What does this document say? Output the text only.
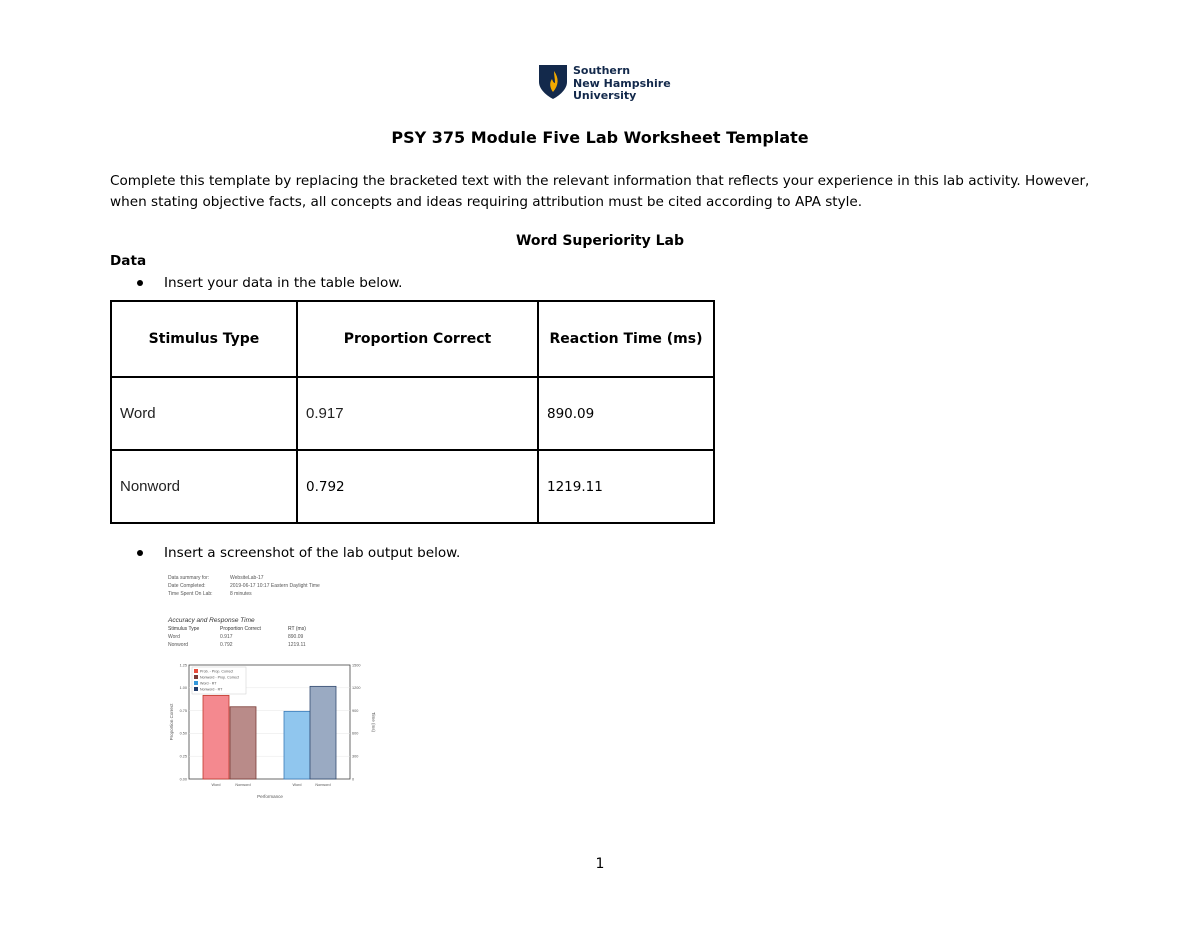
Southern
New Hampshire
University
PSY 375 Module Five Lab Worksheet Template
Complete this template by replacing the bracketed text with the relevant information that reflects your experience in this lab activity. However, when stating objective facts, all concepts and ideas requiring attribution must be cited according to APA style.
Word Superiority Lab
Data
Insert your data in the table below.
Stimulus Type	Proportion Correct	Reaction Time (ms)
Word	0.917	890.09
Nonword	0.792	1219.11
Insert a screenshot of the lab output below.
Data summary for:	WebsiteLab-17
Date Completed:	2019-06-17 10:17 Eastern Daylight Time
Time Spent On Lab:	8 minutes
Accuracy and Response Time
Stimulus Type	Proportion Correct	RT (ms)
Word	0.917	890.09
Nonword	0.792	1219.11
1.25
1.00
0.75
0.50
0.25
0.00
1500
1200
900
600
300
0
Prob. - Prop. Correct
Nonword - Prop. Correct
Word - RT
Nonword - RT
Word	Nonword	Word	Nonword
Performance
Proportion Correct	Time (ms)
1
